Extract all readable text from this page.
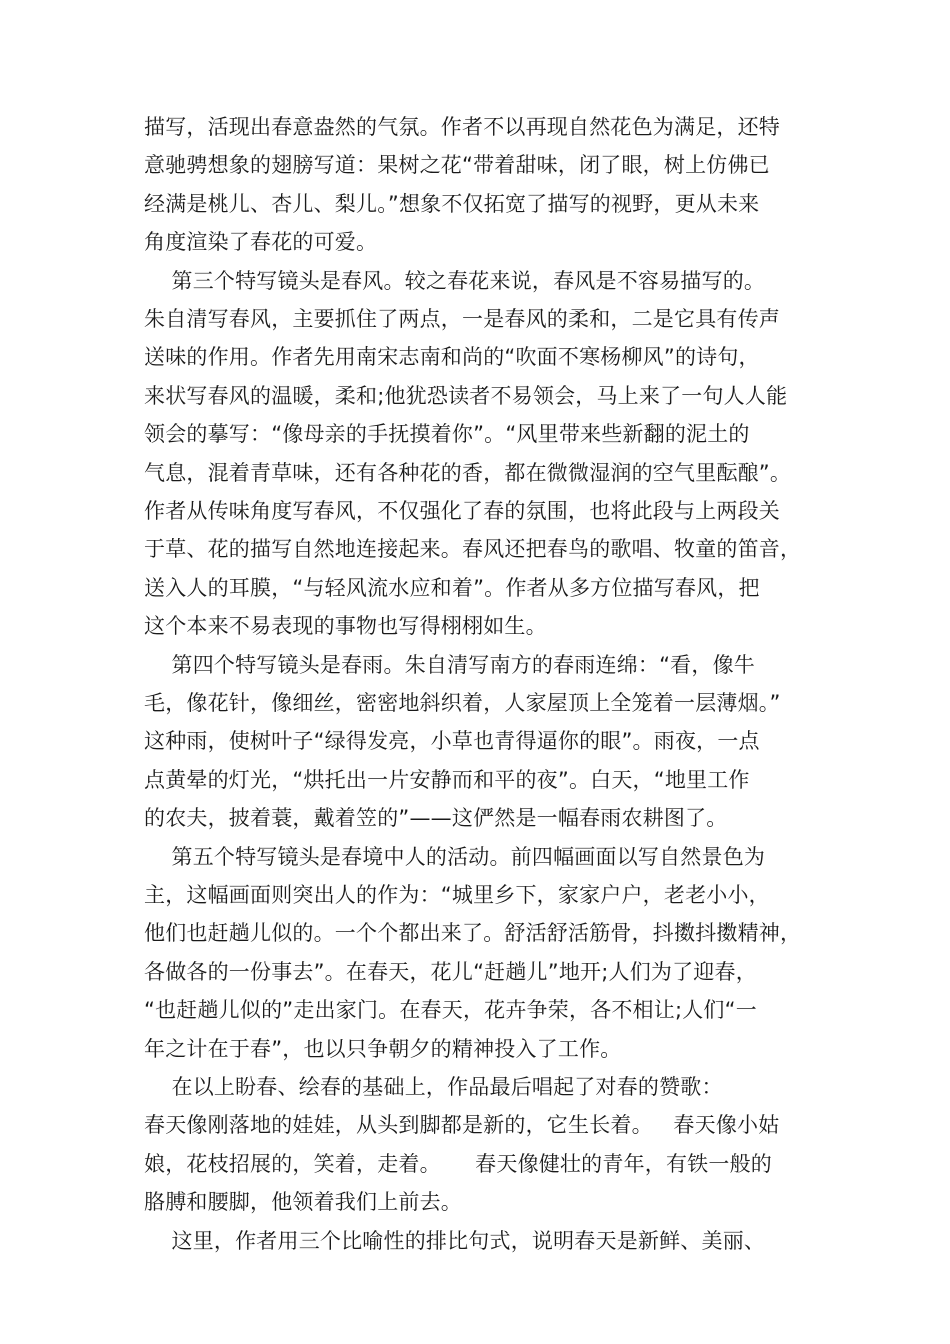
描写，活现出春意盎然的气氛。作者不以再现自然花色为满足，还特
意驰骋想象的翅膀写道：果树之花“带着甜味，闭了眼，树上仿佛已
经满是桃儿、杏儿、梨儿。”想象不仅拓宽了描写的视野，更从未来
角度渲染了春花的可爱。
第三个特写镜头是春风。较之春花来说，春风是不容易描写的。
朱自清写春风，主要抓住了两点，一是春风的柔和，二是它具有传声
送味的作用。作者先用南宋志南和尚的“吹面不寒杨柳风”的诗句，
来状写春风的温暖，柔和;他犹恐读者不易领会，马上来了一句人人能
领会的摹写：“像母亲的手抚摸着你”。“风里带来些新翻的泥土的
气息，混着青草味，还有各种花的香，都在微微湿润的空气里酝酿”。
作者从传味角度写春风，不仅强化了春的氛围，也将此段与上两段关
于草、花的描写自然地连接起来。春风还把春鸟的歌唱、牧童的笛音，
送入人的耳膜，“与轻风流水应和着”。作者从多方位描写春风，把
这个本来不易表现的事物也写得栩栩如生。
第四个特写镜头是春雨。朱自清写南方的春雨连绵：“看，像牛
毛，像花针，像细丝，密密地斜织着，人家屋顶上全笼着一层薄烟。”
这种雨，使树叶子“绿得发亮，小草也青得逼你的眼”。雨夜，一点
点黄晕的灯光，“烘托出一片安静而和平的夜”。白天，“地里工作
的农夫，披着蓑，戴着笠的”——这俨然是一幅春雨农耕图了。
第五个特写镜头是春境中人的活动。前四幅画面以写自然景色为
主，这幅画面则突出人的作为：“城里乡下，家家户户，老老小小，
他们也赶趟儿似的。一个个都出来了。舒活舒活筋骨，抖擞抖擞精神，
各做各的一份事去”。在春天，花儿“赶趟儿”地开;人们为了迎春，
“也赶趟儿似的”走出家门。在春天，花卉争荣，各不相让;人们“一
年之计在于春”，也以只争朝夕的精神投入了工作。
在以上盼春、绘春的基础上，作品最后唱起了对春的赞歌：
春天像刚落地的娃娃，从头到脚都是新的，它生长着。   春天像小姑
娘，花枝招展的，笑着，走着。     春天像健壮的青年，有铁一般的
胳膊和腰脚，他领着我们上前去。
这里，作者用三个比喻性的排比句式，说明春天是新鲜、美丽、
